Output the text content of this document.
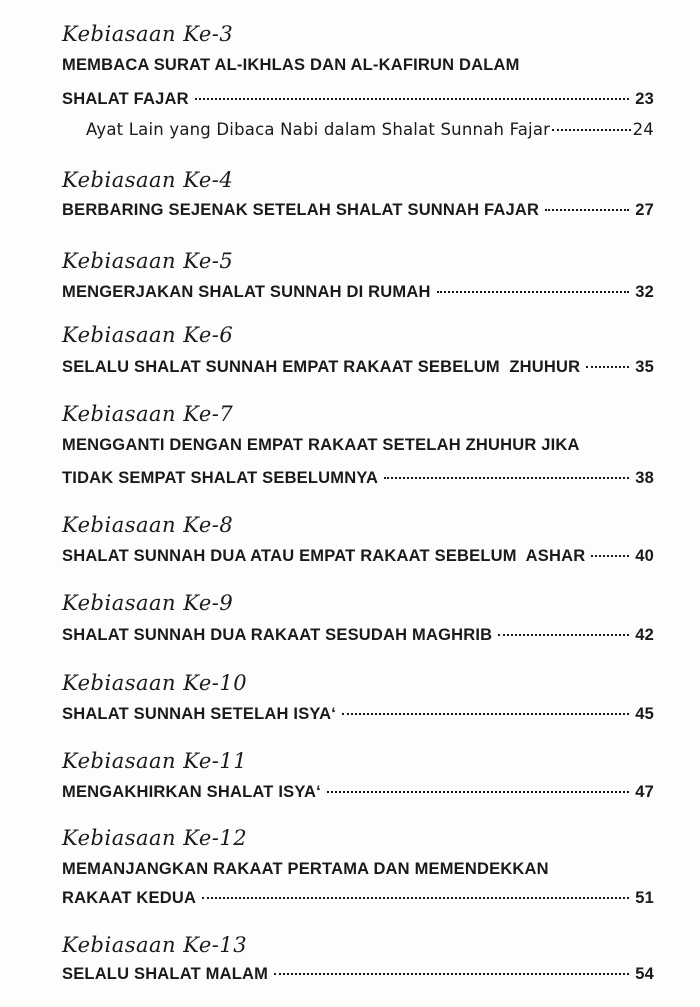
Kebiasaan Ke-3
MEMBACA SURAT AL-IKHLAS DAN AL-KAFIRUN DALAM
SHALAT FAJAR	23
Ayat Lain yang Dibaca Nabi dalam Shalat Sunnah Fajar	24
Kebiasaan Ke-4
BERBARING SEJENAK SETELAH SHALAT SUNNAH FAJAR	27
Kebiasaan Ke-5
MENGERJAKAN SHALAT SUNNAH DI RUMAH	32
Kebiasaan Ke-6
SELALU SHALAT SUNNAH EMPAT RAKAAT SEBELUM  ZHUHUR	35
Kebiasaan Ke-7
MENGGANTI DENGAN EMPAT RAKAAT SETELAH ZHUHUR JIKA
TIDAK SEMPAT SHALAT SEBELUMNYA	38
Kebiasaan Ke-8
SHALAT SUNNAH DUA ATAU EMPAT RAKAAT SEBELUM  ASHAR	40
Kebiasaan Ke-9
SHALAT SUNNAH DUA RAKAAT SESUDAH MAGHRIB	42
Kebiasaan Ke-10
SHALAT SUNNAH SETELAH ISYA‘	45
Kebiasaan Ke-11
MENGAKHIRKAN SHALAT ISYA‘	47
Kebiasaan Ke-12
MEMANJANGKAN RAKAAT PERTAMA DAN MEMENDEKKAN
RAKAAT KEDUA	51
Kebiasaan Ke-13
SELALU SHALAT MALAM	54
